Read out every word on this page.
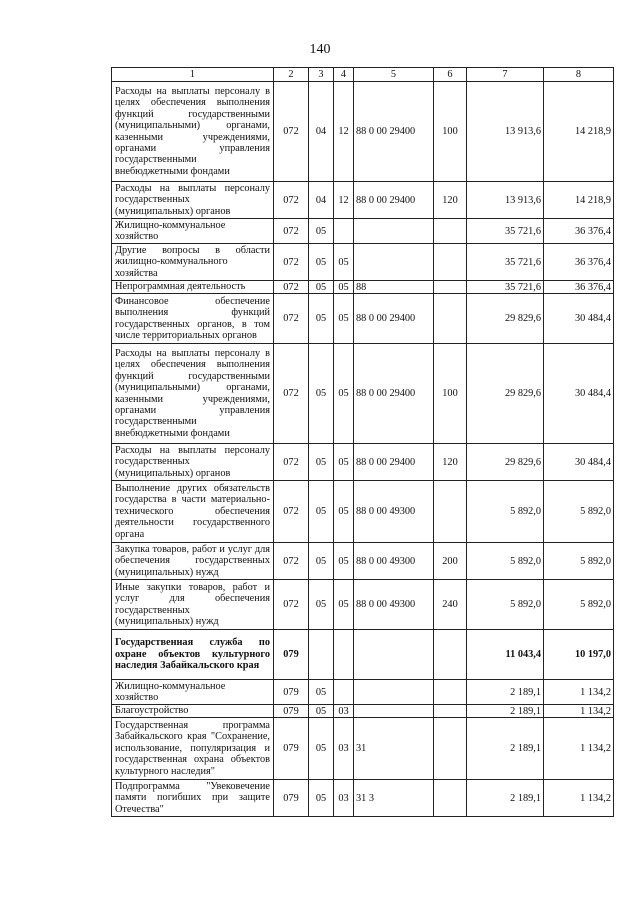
140
1	2	3	4	5	6	7	8
Расходы на выплаты персоналу в целях обеспечения выполнения функций государственными (муниципальными) органами, казенными учреждениями, органами управления государственными внебюджетными фондами	072	04	12	88 0 00 29400	100	13 913,6	14 218,9
Расходы на выплаты персоналу государственных (муниципальных) органов	072	04	12	88 0 00 29400	120	13 913,6	14 218,9
Жилищно-коммунальное хозяйство	072	05				35 721,6	36 376,4
Другие вопросы в области жилищно-коммунального хозяйства	072	05	05			35 721,6	36 376,4
Непрограммная деятельность	072	05	05	88		35 721,6	36 376,4
Финансовое обеспечение выполнения функций государственных органов, в том числе территориальных органов	072	05	05	88 0 00 29400		29 829,6	30 484,4
Расходы на выплаты персоналу в целях обеспечения выполнения функций государственными (муниципальными) органами, казенными учреждениями, органами управления государственными внебюджетными фондами	072	05	05	88 0 00 29400	100	29 829,6	30 484,4
Расходы на выплаты персоналу государственных (муниципальных) органов	072	05	05	88 0 00 29400	120	29 829,6	30 484,4
Выполнение других обязательств государства в части материально-технического обеспечения деятельности государственного органа	072	05	05	88 0 00 49300		5 892,0	5 892,0
Закупка товаров, работ и услуг для обеспечения государственных (муниципальных) нужд	072	05	05	88 0 00 49300	200	5 892,0	5 892,0
Иные закупки товаров, работ и услуг для обеспечения государственных (муниципальных) нужд	072	05	05	88 0 00 49300	240	5 892,0	5 892,0
Государственная служба по охране объектов культурного наследия Забайкальского края	079					11 043,4	10 197,0
Жилищно-коммунальное хозяйство	079	05				2 189,1	1 134,2
Благоустройство	079	05	03			2 189,1	1 134,2
Государственная программа Забайкальского края "Сохранение, использование, популяризация и государственная охрана объектов культурного наследия"	079	05	03	31		2 189,1	1 134,2
Подпрограмма "Увековечение памяти погибших при защите Отечества"	079	05	03	31 3		2 189,1	1 134,2
